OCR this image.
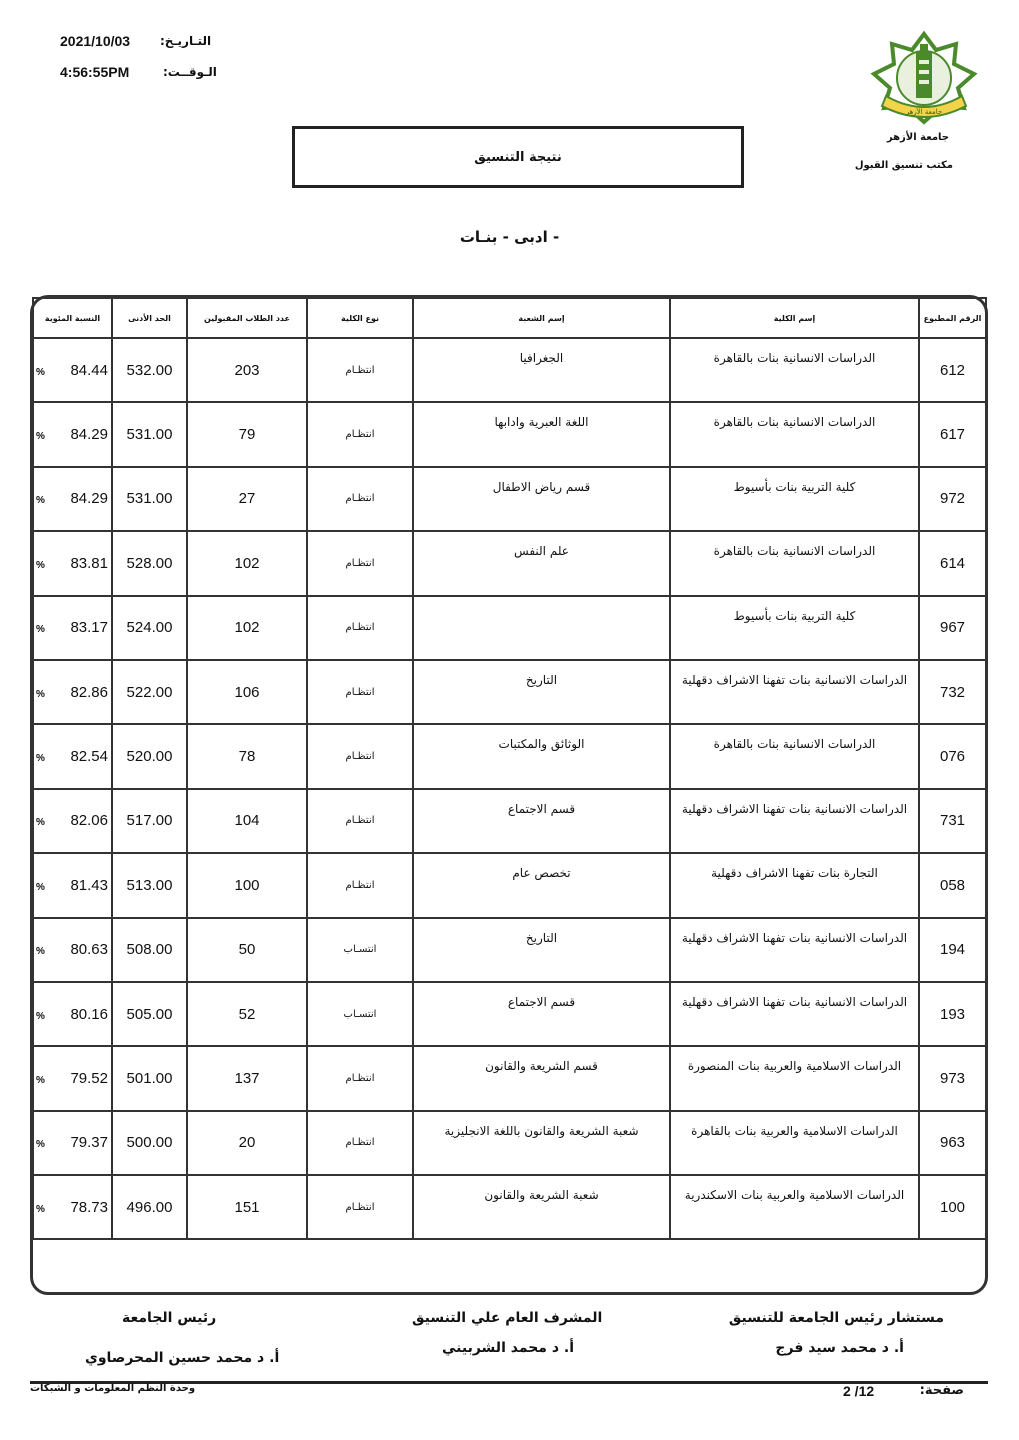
2021/10/03 التـاريـخ:
4:56:55PM	الـوقــت:
جامعة الأزهر
جامعة الأزهر
مكتب تنسيق القبول
نتيجة التنسيق
- ادبى - بنـات
النسبة المئوية	الحد الأدنى	عدد الطلاب المقبولين	نوع الكلية	إسم الشعبة	إسم الكلية	الرقم المطبوع
% 84.44	532.00	203	انتظـام	الجغرافيا	الدراسات الانسانية بنات بالقاهرة	612
% 84.29	531.00	79	انتظـام	اللغة العبرية وادابها	الدراسات الانسانية بنات بالقاهرة	617
% 84.29	531.00	27	انتظـام	قسم رياض الاطفال	كلية التربية بنات بأسيوط	972
% 83.81	528.00	102	انتظـام	علم النفس	الدراسات الانسانية بنات بالقاهرة	614
% 83.17	524.00	102	انتظـام		كلية التربية بنات بأسيوط	967
% 82.86	522.00	106	انتظـام	التاريخ	الدراسات الانسانية بنات تفهنا الاشراف دقهلية	732
% 82.54	520.00	78	انتظـام	الوثائق والمكتبات	الدراسات الانسانية بنات بالقاهرة	076
% 82.06	517.00	104	انتظـام	قسم الاجتماع	الدراسات الانسانية بنات تفهنا الاشراف دقهلية	731
% 81.43	513.00	100	انتظـام	تخصص عام	التجارة بنات تفهنا الاشراف دقهلية	058
% 80.63	508.00	50	انتسـاب	التاريخ	الدراسات الانسانية بنات تفهنا الاشراف دقهلية	194
% 80.16	505.00	52	انتسـاب	قسم الاجتماع	الدراسات الانسانية بنات تفهنا الاشراف دقهلية	193
% 79.52	501.00	137	انتظـام	قسم الشريعة والقانون	الدراسات الاسلامية والعربية بنات المنصورة	973
% 79.37	500.00	20	انتظـام	شعبة الشريعة والقانون باللغة الانجليزية	الدراسات الاسلامية والعربية بنات بالقاهرة	963
% 78.73	496.00	151	انتظـام	شعبة الشريعة والقانون	الدراسات الاسلامية والعربية بنات الاسكندرية	100
مستشار رئيس الجامعة للتنسيق
أ. د محمد سيد فرج
المشرف العام علي التنسيق
أ. د محمد الشربيني
رئيس الجامعة
أ. د محمد حسين المحرصاوي
صفحة:
2 /12
وحدة النظم المعلومات و الشبكات
